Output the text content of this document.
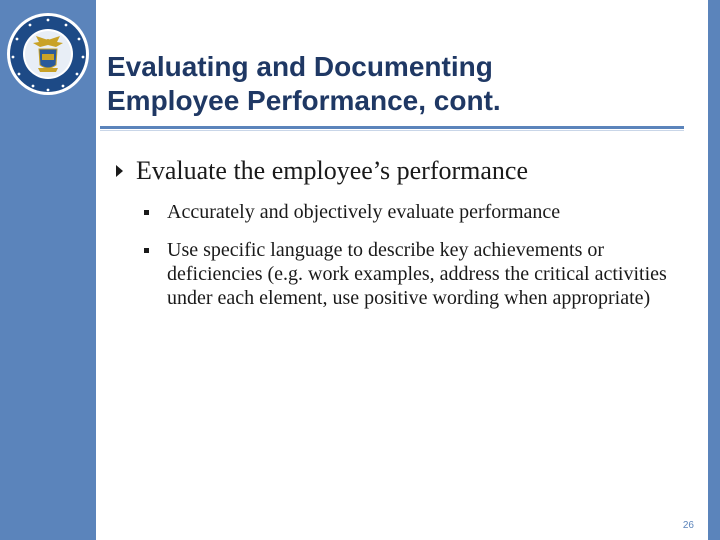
Evaluating and Documenting
Employee Performance, cont.
Evaluate the employee’s performance
Accurately and objectively evaluate performance
Use specific language to describe key achievements or deficiencies (e.g. work examples, address the critical activities under each element, use positive wording when appropriate)
26
